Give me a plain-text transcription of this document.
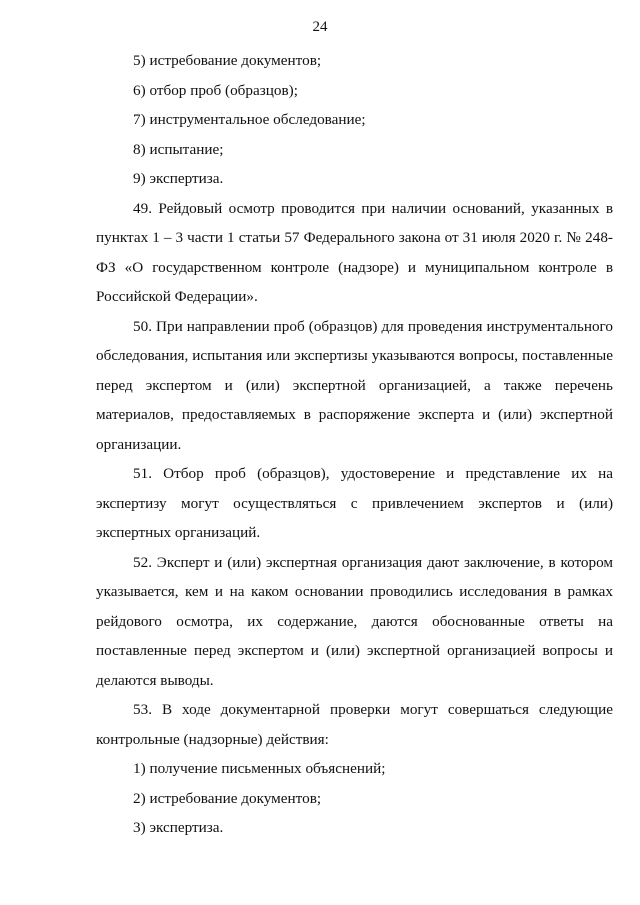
24

5) истребование документов;

6) отбор проб (образцов);

7) инструментальное обследование;

8) испытание;

9) экспертиза.

49. Рейдовый осмотр проводится при наличии оснований, указанных в пунктах 1 – 3 части 1 статьи 57 Федерального закона от 31 июля 2020 г. № 248-ФЗ «О государственном контроле (надзоре) и муниципальном контроле в Российской Федерации».

50. При направлении проб (образцов) для проведения инструментального обследования, испытания или экспертизы указываются вопросы, поставленные перед экспертом и (или) экспертной организацией, а также перечень материалов, предоставляемых в распоряжение эксперта и (или) экспертной организации.

51. Отбор проб (образцов), удостоверение и представление их на экспертизу могут осуществляться с привлечением экспертов и (или) экспертных организаций.

52. Эксперт и (или) экспертная организация дают заключение, в котором указывается, кем и на каком основании проводились исследования в рамках рейдового осмотра, их содержание, даются обоснованные ответы на поставленные перед экспертом и (или) экспертной организацией вопросы и делаются выводы.

53. В ходе документарной проверки могут совершаться следующие контрольные (надзорные) действия:

1) получение письменных объяснений;

2) истребование документов;

3) экспертиза.
